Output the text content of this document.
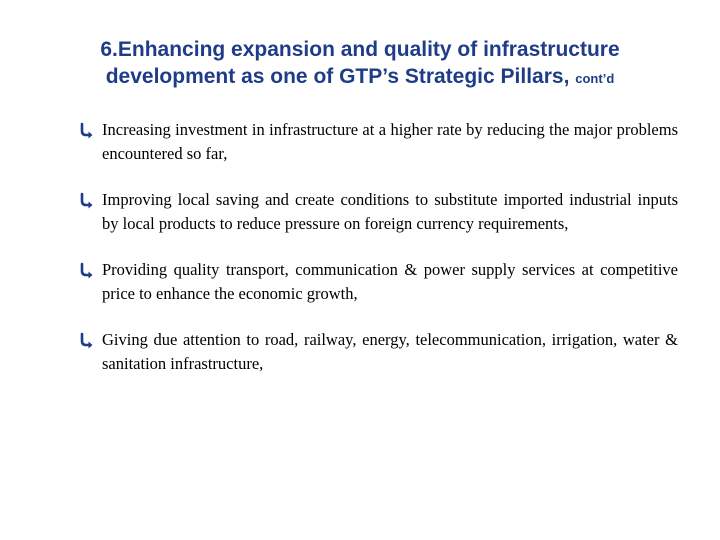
6.Enhancing expansion and quality of infrastructure development as one of GTP’s Strategic Pillars, cont’d
Increasing investment in infrastructure at a higher rate by reducing the major problems encountered so far,
Improving local saving and create conditions to substitute imported industrial inputs by local products to reduce pressure on foreign currency requirements,
Providing quality transport, communication & power supply services at competitive price to enhance the economic growth,
Giving due attention to road, railway, energy, telecommunication, irrigation, water & sanitation infrastructure,
